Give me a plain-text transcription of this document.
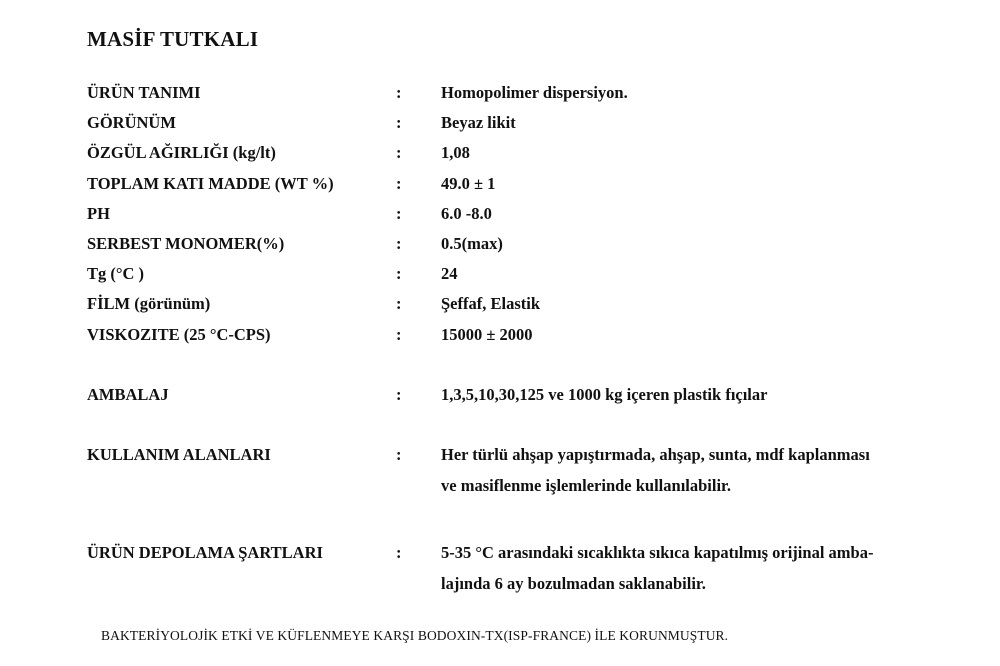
MASİF TUTKALI
ÜRÜN TANIMI	: Homopolimer dispersiyon.
GÖRÜNÜM	: Beyaz likit
ÖZGÜL AĞIRLIĞI (kg/lt)	: 1,08
TOPLAM KATI MADDE (WT %)	: 49.0 ± 1
PH	: 6.0 -8.0
SERBEST MONOMER(%)	: 0.5(max)
Tg (°C )	: 24
FİLM (görünüm)	: Şeffaf, Elastik
VISKOZITE (25 °C-CPS)	: 15000 ± 2000
AMBALAJ	: 1,3,5,10,30,125 ve 1000 kg içeren plastik fıçılar
KULLANIM ALANLARI	: Her türlü ahşap yapıştırmada, ahşap, sunta, mdf kaplanması
ve masiflenme işlemlerinde kullanılabilir.
ÜRÜN DEPOLAMA ŞARTLARI	: 5-35 °C arasındaki sıcaklıkta sıkıca kapatılmış orijinal amba-
lajında 6 ay bozulmadan saklanabilir.
BAKTERİYOLOJİK ETKİ VE KÜFLENMEYE KARŞI BODOXIN-TX(ISP-FRANCE) İLE KORUNMUŞTUR.
